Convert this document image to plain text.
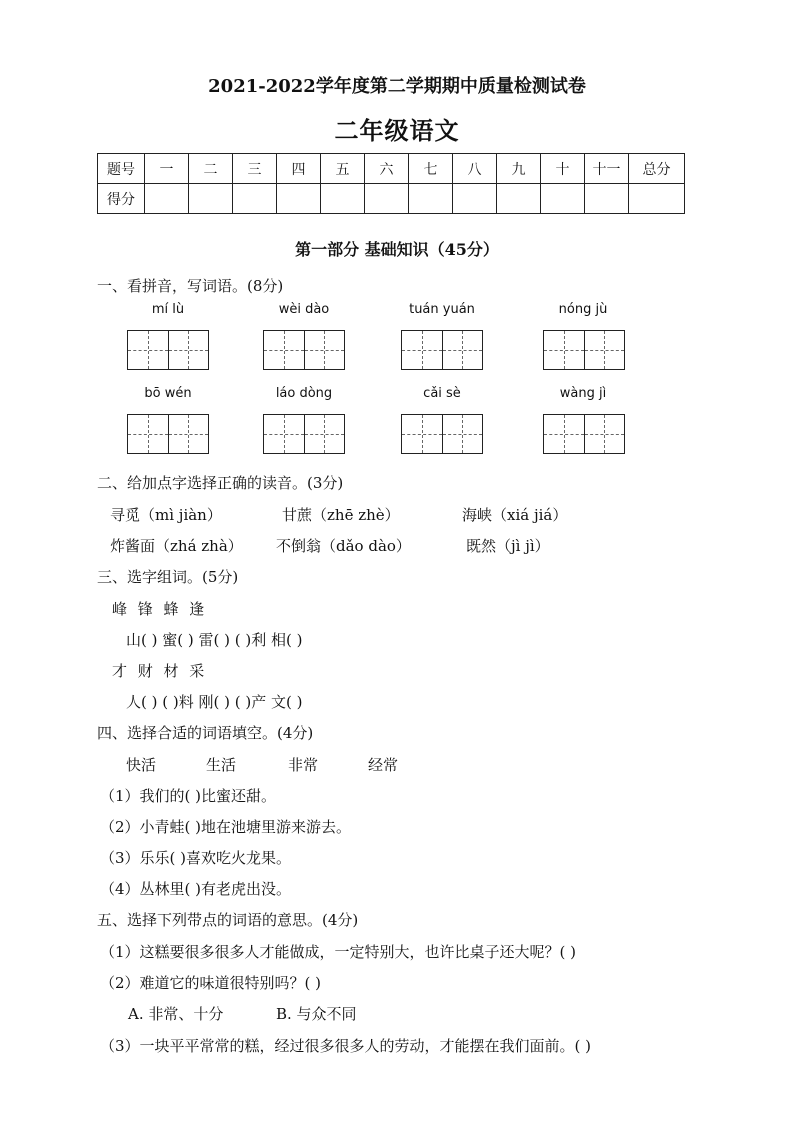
2021-2022学年度第二学期期中质量检测试卷
二年级语文
题号	一	二	三	四	五	六	七	八	九	十	十一	总分
得分												
第一部分 基础知识（45分）
一、看拼音，写词语。(8分)
mí lù	wèi dào	tuán yuán	nóng jù
bō wén	láo dòng	cǎi sè	wàng jì
二、给加点字选择正确的读音。(3分)
寻觅（mì jiàn）	甘蔗（zhē zhè）	海峡（xiá jiá）
炸酱面（zhá zhà） 不倒翁（dǎo dào）	既然（jì jì）
三、选字组词。(5分)
峰 锋 蜂 逢
山( ) 蜜( ) 雷( ) ( )利 相( )
才 财 材 采
人( ) ( )料 刚( ) ( )产 文( )
四、选择合适的词语填空。(4分)
快活	生活	非常	经常
（1）我们的( )比蜜还甜。
（2）小青蛙( )地在池塘里游来游去。
（3）乐乐( )喜欢吃火龙果。
（4）丛林里( )有老虎出没。
五、选择下列带点的词语的意思。(4分)
（1）这糕要很多很多人才能做成，一定特别大，也许比桌子还大呢？( )
（2）难道它的味道很特别吗？( )
A. 非常、十分	B. 与众不同
（3）一块平平常常的糕，经过很多很多人的劳动，才能摆在我们面前。( )
